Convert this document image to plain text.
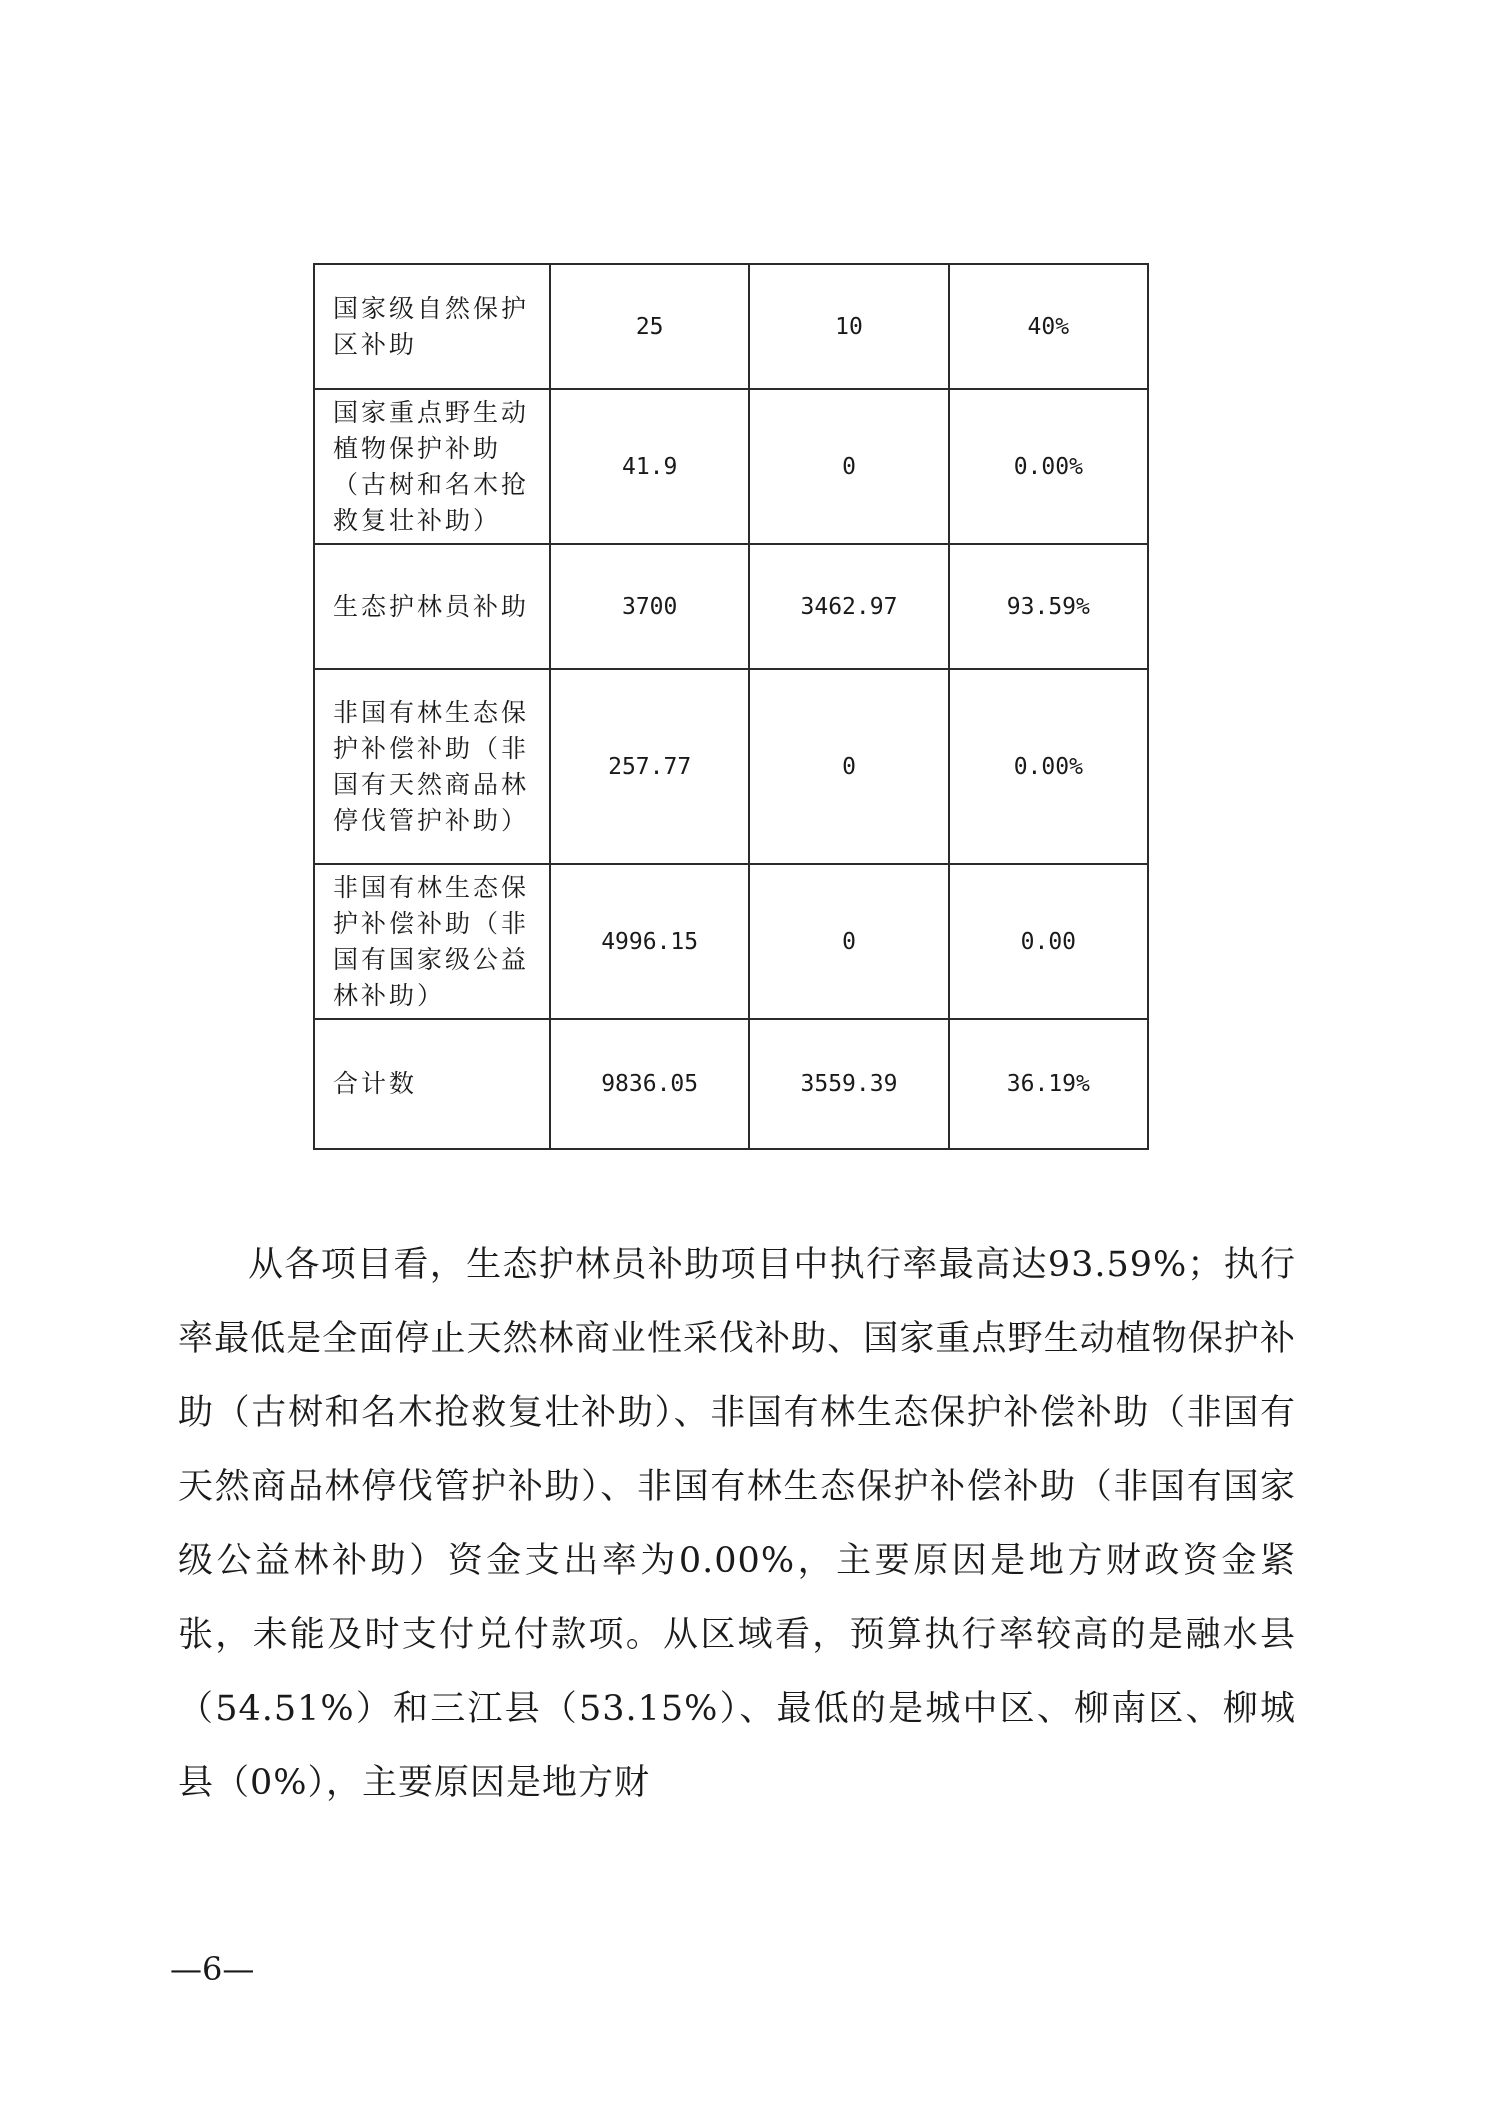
国家级自然保护区补助	25	10	40%
国家重点野生动植物保护补助（古树和名木抢救复壮补助）	41.9	0	0.00%
生态护林员补助	3700	3462.97	93.59%
非国有林生态保护补偿补助（非国有天然商品林停伐管护补助）	257.77	0	0.00%
非国有林生态保护补偿补助（非国有国家级公益林补助）	4996.15	0	0.00
合计数	9836.05	3559.39	36.19%

从各项目看，生态护林员补助项目中执行率最高达93.59%；执行率最低是全面停止天然林商业性采伐补助、国家重点野生动植物保护补助（古树和名木抢救复壮补助）、非国有林生态保护补偿补助（非国有天然商品林停伐管护补助）、非国有林生态保护补偿补助（非国有国家级公益林补助）资金支出率为0.00%，主要原因是地方财政资金紧张，未能及时支付兑付款项。从区域看，预算执行率较高的是融水县（54.51%）和三江县（53.15%）、最低的是城中区、柳南区、柳城县（0%），主要原因是地方财

—6—
